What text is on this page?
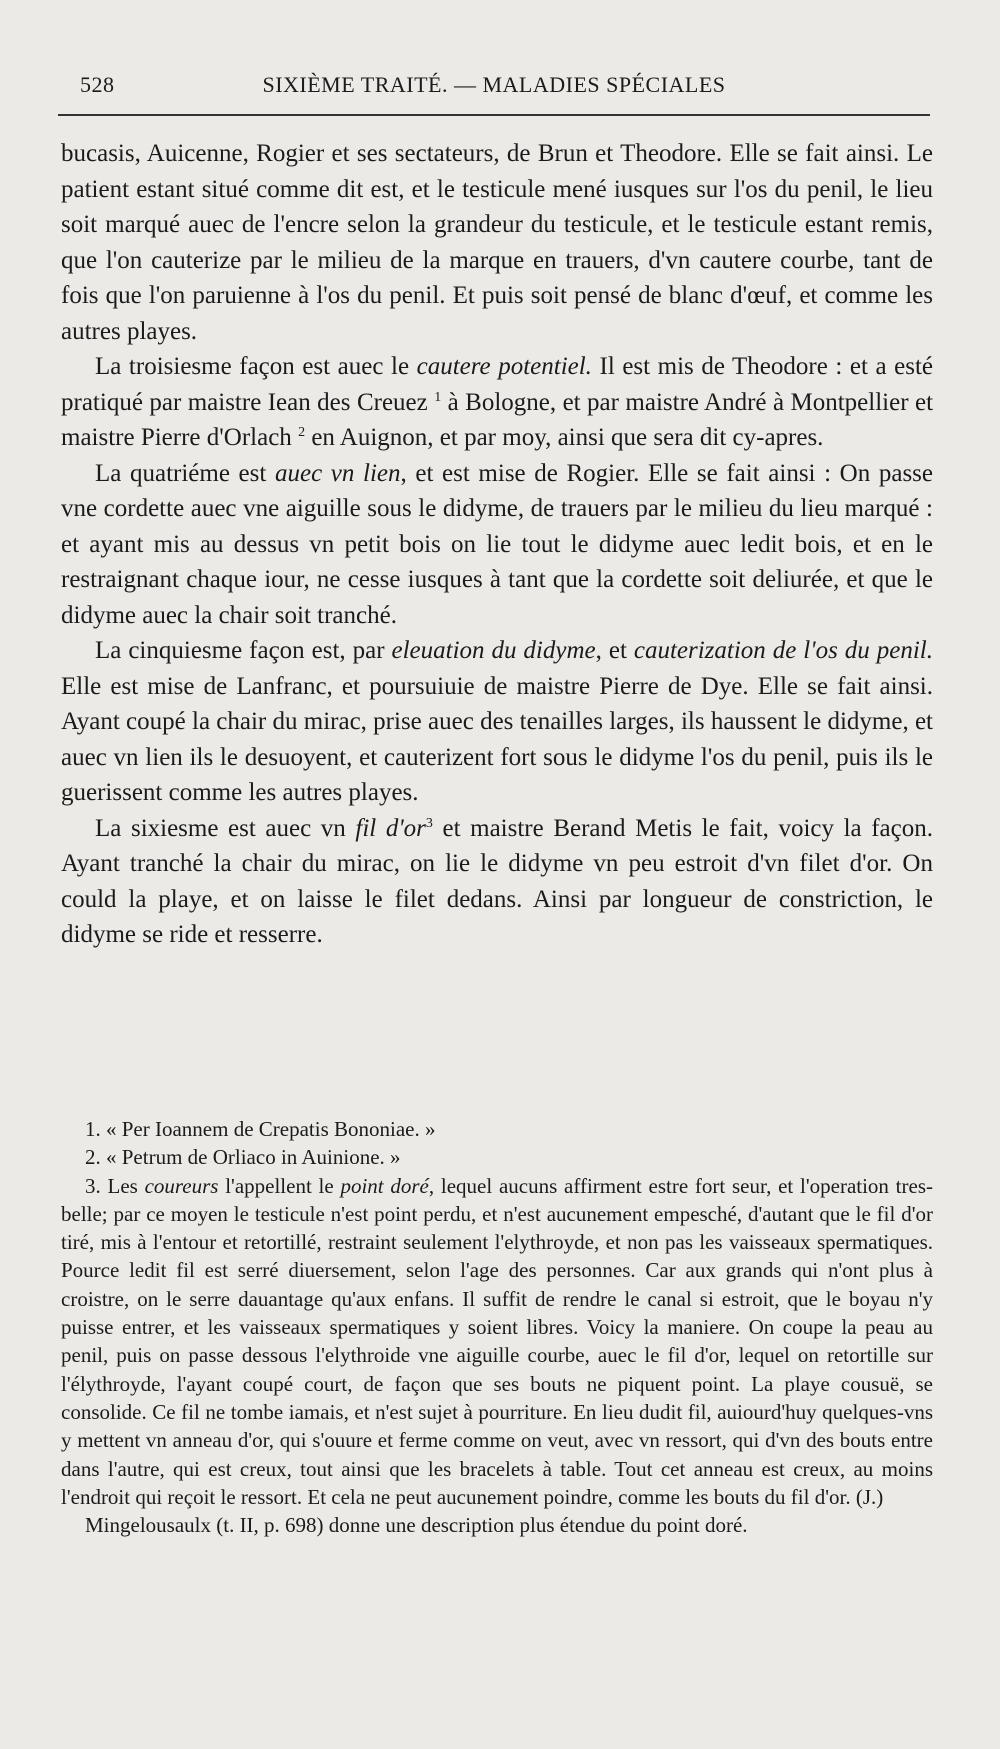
528	SIXIÈME TRAITÉ. — MALADIES SPÉCIALES

bucasis, Auicenne, Rogier et ses sectateurs, de Brun et Theodore. Elle se fait ainsi. Le patient estant situé comme dit est, et le testicule mené iusques sur l'os du penil, le lieu soit marqué auec de l'encre selon la grandeur du testicule, et le testicule estant remis, que l'on cauterize par le milieu de la marque en trauers, d'vn cautere courbe, tant de fois que l'on paruienne à l'os du penil. Et puis soit pensé de blanc d'œuf, et comme les autres playes.

La troisiesme façon est auec le cautere potentiel. Il est mis de Theodore : et a esté pratiqué par maistre Iean des Creuez $^1$ à Bologne, et par maistre André à Montpellier et maistre Pierre d'Orlach $^2$ en Auignon, et par moy, ainsi que sera dit cy-apres.

La quatriéme est auec vn lien, et est mise de Rogier. Elle se fait ainsi : On passe vne cordette auec vne aiguille sous le didyme, de trauers par le milieu du lieu marqué : et ayant mis au dessus vn petit bois on lie tout le didyme auec ledit bois, et en le restraignant chaque iour, ne cesse iusques à tant que la cordette soit deliurée, et que le didyme auec la chair soit tranché.

La cinquiesme façon est, par eleuation du didyme, et cauterization de l'os du penil. Elle est mise de Lanfranc, et poursuiuie de maistre Pierre de Dye. Elle se fait ainsi. Ayant coupé la chair du mirac, prise auec des tenailles larges, ils haussent le didyme, et auec vn lien ils le desuoyent, et cauterizent fort sous le didyme l'os du penil, puis ils le guerissent comme les autres playes.

La sixiesme est auec vn fil $d'or^3$ et maistre Berand Metis le fait, voicy la façon. Ayant tranché la chair du mirac, on lie le didyme vn peu estroit d'vn filet d'or. On could la playe, et on laisse le filet dedans. Ainsi par longueur de constriction, le didyme se ride et resserre.

1. « Per Ioannem de Crepatis Bononiae. »

2. « Petrum de Orliaco in Auinione. »

3. Les coureurs l'appellent le point doré, lequel aucuns affirment estre fort seur, et l'operation tres-belle; par ce moyen le testicule n'est point perdu, et n'est aucunement empesché, d'autant que le fil d'or tiré, mis à l'entour et retortillé, restraint seulement l'elythroyde, et non pas les vaisseaux spermatiques. Pource ledit fil est serré diuersement, selon l'age des personnes. Car aux grands qui n'ont plus à croistre, on le serre dauantage qu'aux enfans. Il suffit de rendre le canal si estroit, que le boyau n'y puisse entrer, et les vaisseaux spermatiques y soient libres. Voicy la maniere. On coupe la peau au penil, puis on passe dessous l'elythroide vne aiguille courbe, auec le fil d'or, lequel on retortille sur l'élythroyde, l'ayant coupé court, de façon que ses bouts ne piquent point. La playe cousuë, se consolide. Ce fil ne tombe iamais, et n'est sujet à pourriture. En lieu dudit fil, auiourd'huy quelques-vns y mettent vn anneau d'or, qui s'ouure et ferme comme on veut, avec vn ressort, qui d'vn des bouts entre dans l'autre, qui est creux, tout ainsi que les bracelets à table. Tout cet anneau est creux, au moins l'endroit qui reçoit le ressort. Et cela ne peut aucunement poindre, comme les bouts du fil d'or. (J.)

Mingelousaulx (t. II, p. 698) donne une description plus étendue du point doré.
